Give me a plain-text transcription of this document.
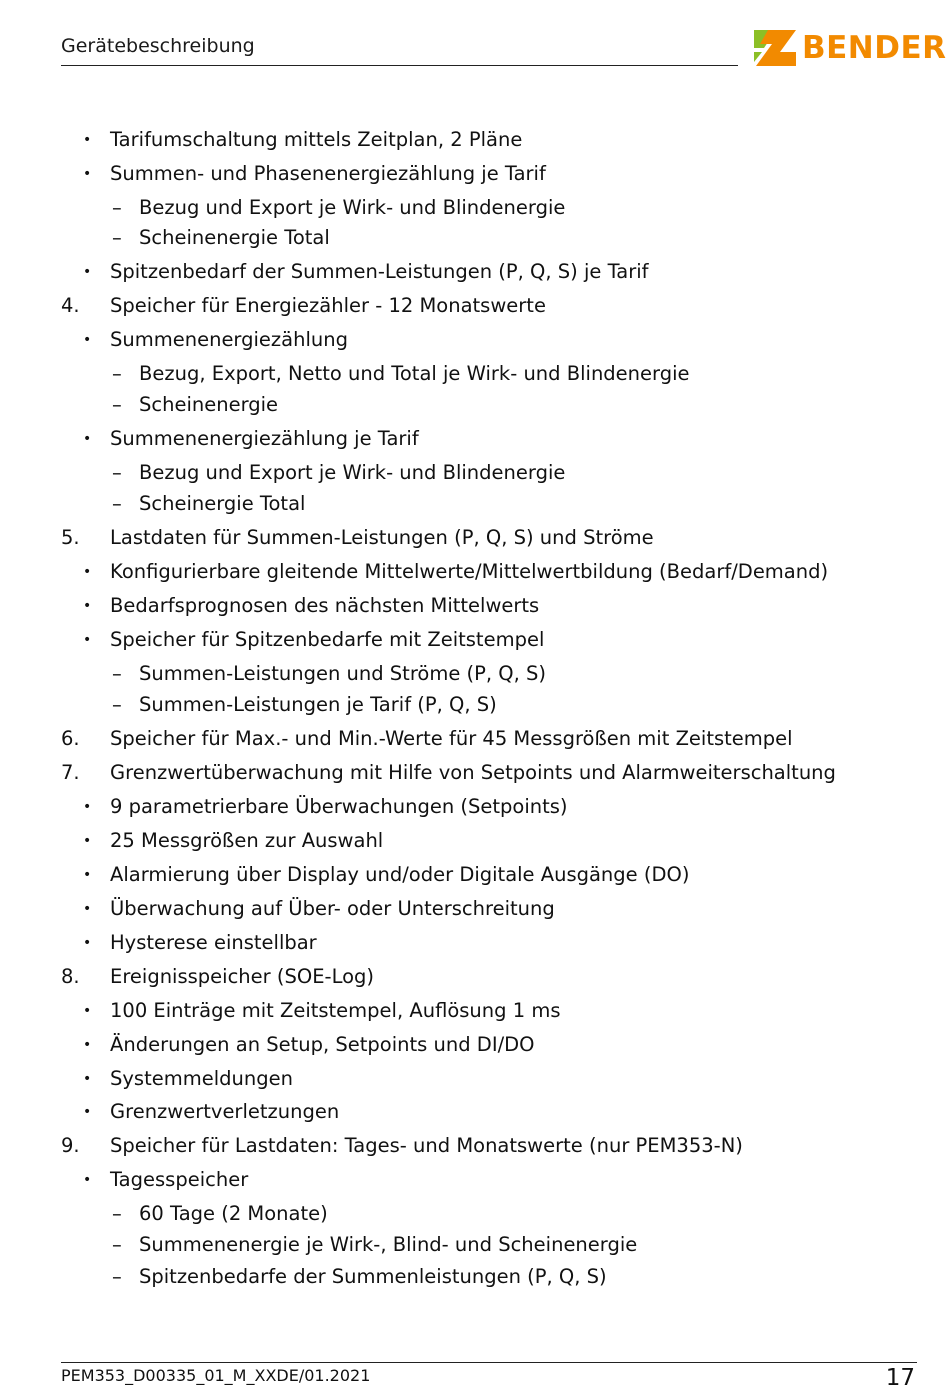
Gerätebeschreibung	BENDER
• Tarifumschaltung mittels Zeitplan, 2 Pläne
• Summen- und Phasenenergiezählung je Tarif
– Bezug und Export je Wirk- und Blindenergie
– Scheinenergie Total
• Spitzenbedarf der Summen-Leistungen (P, Q, S) je Tarif
4. Speicher für Energiezähler - 12 Monatswerte
• Summenenergiezählung
– Bezug, Export, Netto und Total je Wirk- und Blindenergie
– Scheinenergie
• Summenenergiezählung je Tarif
– Bezug und Export je Wirk- und Blindenergie
– Scheinergie Total
5. Lastdaten für Summen-Leistungen (P, Q, S) und Ströme
• Konfigurierbare gleitende Mittelwerte/Mittelwertbildung (Bedarf/Demand)
• Bedarfsprognosen des nächsten Mittelwerts
• Speicher für Spitzenbedarfe mit Zeitstempel
– Summen-Leistungen und Ströme (P, Q, S)
– Summen-Leistungen je Tarif (P, Q, S)
6. Speicher für Max.- und Min.-Werte für 45 Messgrößen mit Zeitstempel
7. Grenzwertüberwachung mit Hilfe von Setpoints und Alarmweiterschaltung
• 9 parametrierbare Überwachungen (Setpoints)
• 25 Messgrößen zur Auswahl
• Alarmierung über Display und/oder Digitale Ausgänge (DO)
• Überwachung auf Über- oder Unterschreitung
• Hysterese einstellbar
8. Ereignisspeicher (SOE-Log)
• 100 Einträge mit Zeitstempel, Auflösung 1 ms
• Änderungen an Setup, Setpoints und DI/DO
• Systemmeldungen
• Grenzwertverletzungen
9. Speicher für Lastdaten: Tages- und Monatswerte (nur PEM353-N)
• Tagesspeicher
– 60 Tage (2 Monate)
– Summenenergie je Wirk-, Blind- und Scheinenergie
– Spitzenbedarfe der Summenleistungen (P, Q, S)
PEM353_D00335_01_M_XXDE/01.2021	17
